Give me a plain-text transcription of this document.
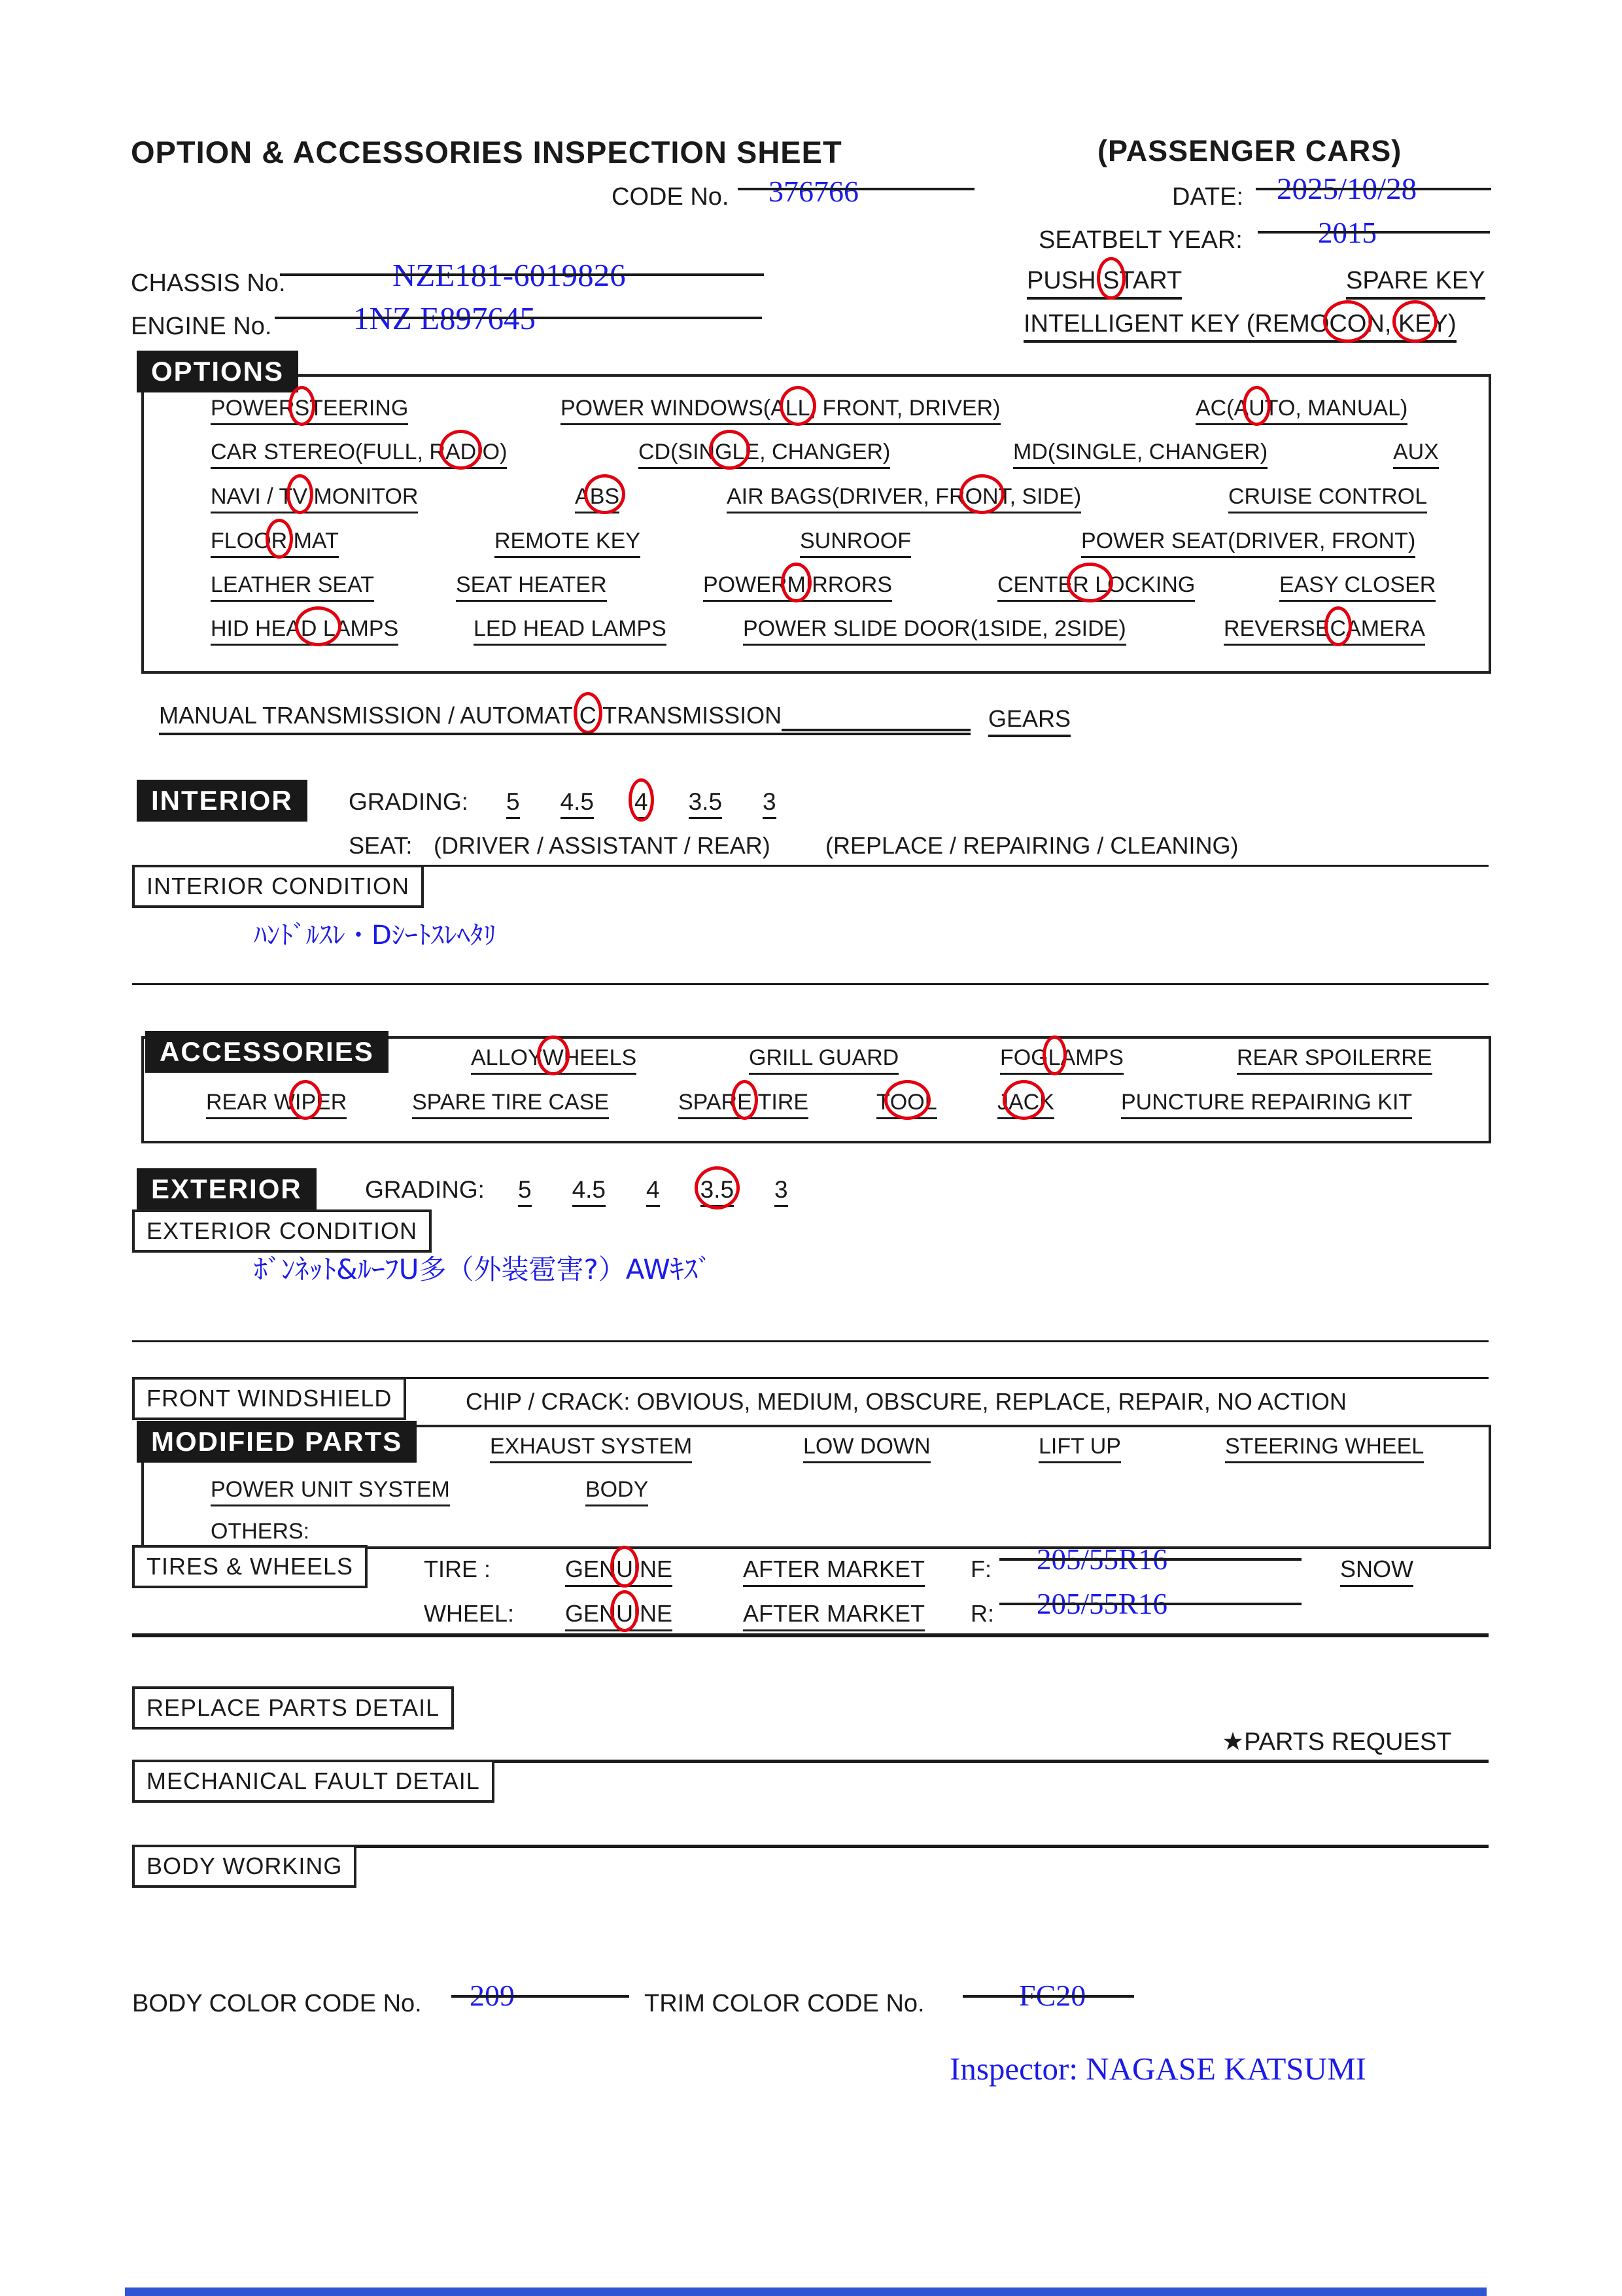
OPTION & ACCESSORIES INSPECTION SHEET	(PASSENGER CARS)
CODE No. 376766	DATE: 2025/10/28
SEATBELT YEAR:	2015
CHASSIS No.	NZE181-6019826	PUSH START	SPARE KEY
ENGINE No.	1NZ E897645	INTELLIGENT KEY (REMOCON, KEY)
OPTIONS
POWERSTEERING	POWER WINDOWS(ALL, FRONT, DRIVER)	AC(AUTO, MANUAL)
CAR STEREO(FULL, RADIO)	CD(SINGLE, CHANGER)	MD(SINGLE, CHANGER)	AUX
NAVI / TV MONITOR	ABS	AIR BAGS(DRIVER, FRONT, SIDE)	CRUISE CONTROL
FLOOR MAT	REMOTE KEY	SUNROOF	POWER SEAT(DRIVER, FRONT)
LEATHER SEAT	SEAT HEATER	POWERMIRRORS	CENTER LOCKING	EASY CLOSER
HID HEAD LAMPS	LED HEAD LAMPS	POWER SLIDE DOOR(1SIDE, 2SIDE)	REVERSECAMERA
MANUAL TRANSMISSION / AUTOMATIC TRANSMISSION	GEARS
INTERIOR	GRADING: 5 4.5 4 3.5 3
SEAT: (DRIVER / ASSISTANT / REAR) (REPLACE / REPAIRING / CLEANING)
INTERIOR CONDITION
ﾊﾝﾄﾞﾙｽﾚ・Dｼｰﾄｽﾚﾍﾀﾘ
ACCESSORIES	ALLOYWHEELS	GRILL GUARD	FOGLAMPS	REAR SPOILERRE
REAR WIPER	SPARE TIRE CASE	SPARE TIRE	TOOL	JACK	PUNCTURE REPAIRING KIT
EXTERIOR	GRADING: 5 4.5 4 3.5 3
EXTERIOR CONDITION
ﾎﾞﾝﾈｯﾄ&ﾙｰﾌU多（外装雹害?）AWｷｽﾞ
FRONT WINDSHIELD	CHIP / CRACK: OBVIOUS, MEDIUM, OBSCURE, REPLACE, REPAIR, NO ACTION
MODIFIED PARTS	EXHAUST SYSTEM	LOW DOWN	LIFT UP	STEERING WHEEL
POWER UNIT SYSTEM	BODY
OTHERS:
TIRES & WHEELS	TIRE :	GENUINE	AFTER MARKET F: 205/55R16	SNOW
WHEEL: GENUINE	AFTER MARKET R: 205/55R16
REPLACE PARTS DETAIL
★PARTS REQUEST
MECHANICAL FAULT DETAIL
BODY WORKING
BODY COLOR CODE No. 209	TRIM COLOR CODE No.	FC20
Inspector: NAGASE KATSUMI
